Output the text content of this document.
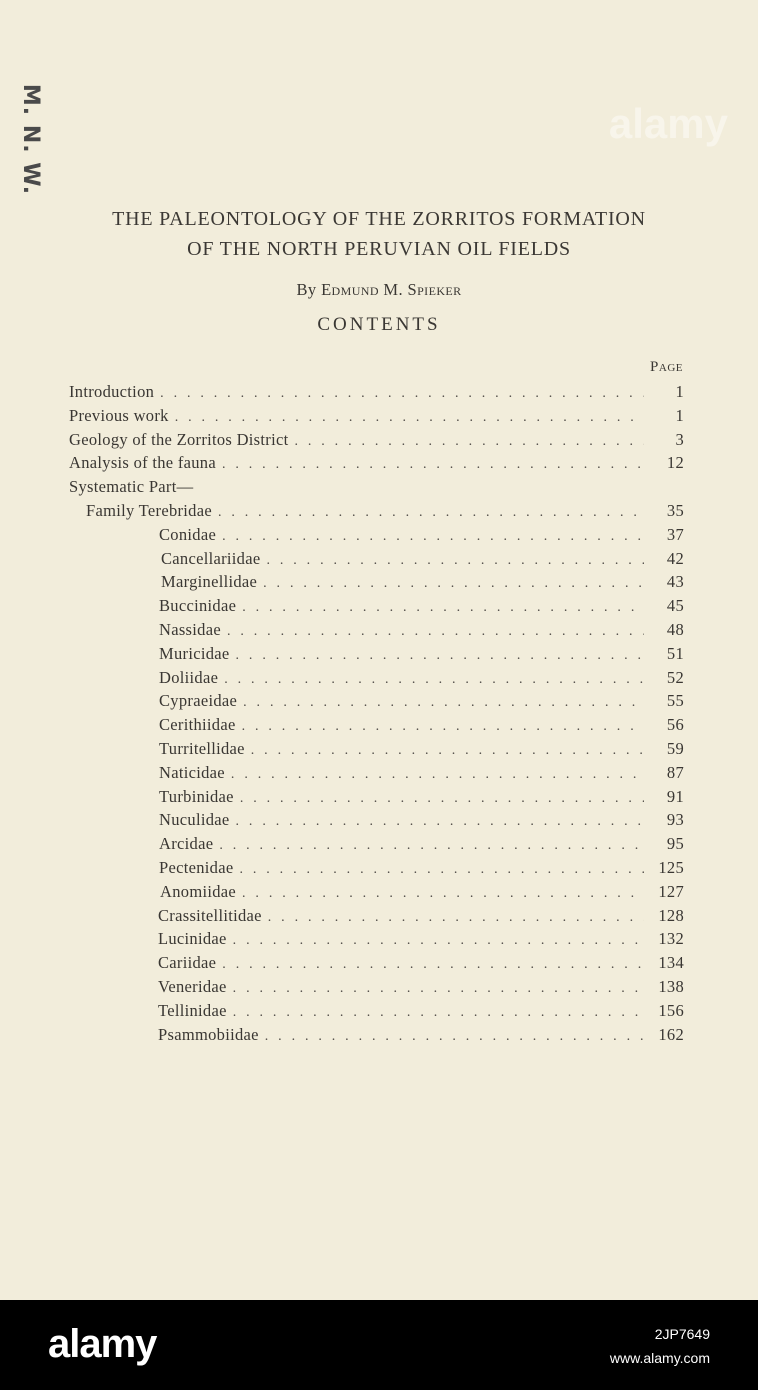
M. N. W.	alamy
THE PALEONTOLOGY OF THE ZORRITOS FORMATION
OF THE NORTH PERUVIAN OIL FIELDS
By Edmund M. Spieker
CONTENTS
Page
Introduction . . .	1
Previous work . . .	1
Geology of the Zorritos District . . .	3
Analysis of the fauna . . .	12
Systematic Part—
Family Terebridae . . .	35
Conidae . . .	37
Cancellariidae . . .	42
Marginellidae . . .	43
Buccinidae . . .	45
Nassidae . . .	48
Muricidae . . .	51
Doliidae . . .	52
Cypraeidae . . .	55
Cerithiidae . . .	56
Turritellidae . . .	59
Naticidae . . .	87
Turbinidae . . .	91
Nuculidae . . .	93
Arcidae . . .	95
Pectenidae . . .	125
Anomiidae . . .	127
Crassitellitidae . . .	128
Lucinidae . . .	132
Cariidae . . .	134
Veneridae . . .	138
Tellinidae . . .	156
Psammobiidae . . .	162
alamy	2JP7649
www.alamy.com
